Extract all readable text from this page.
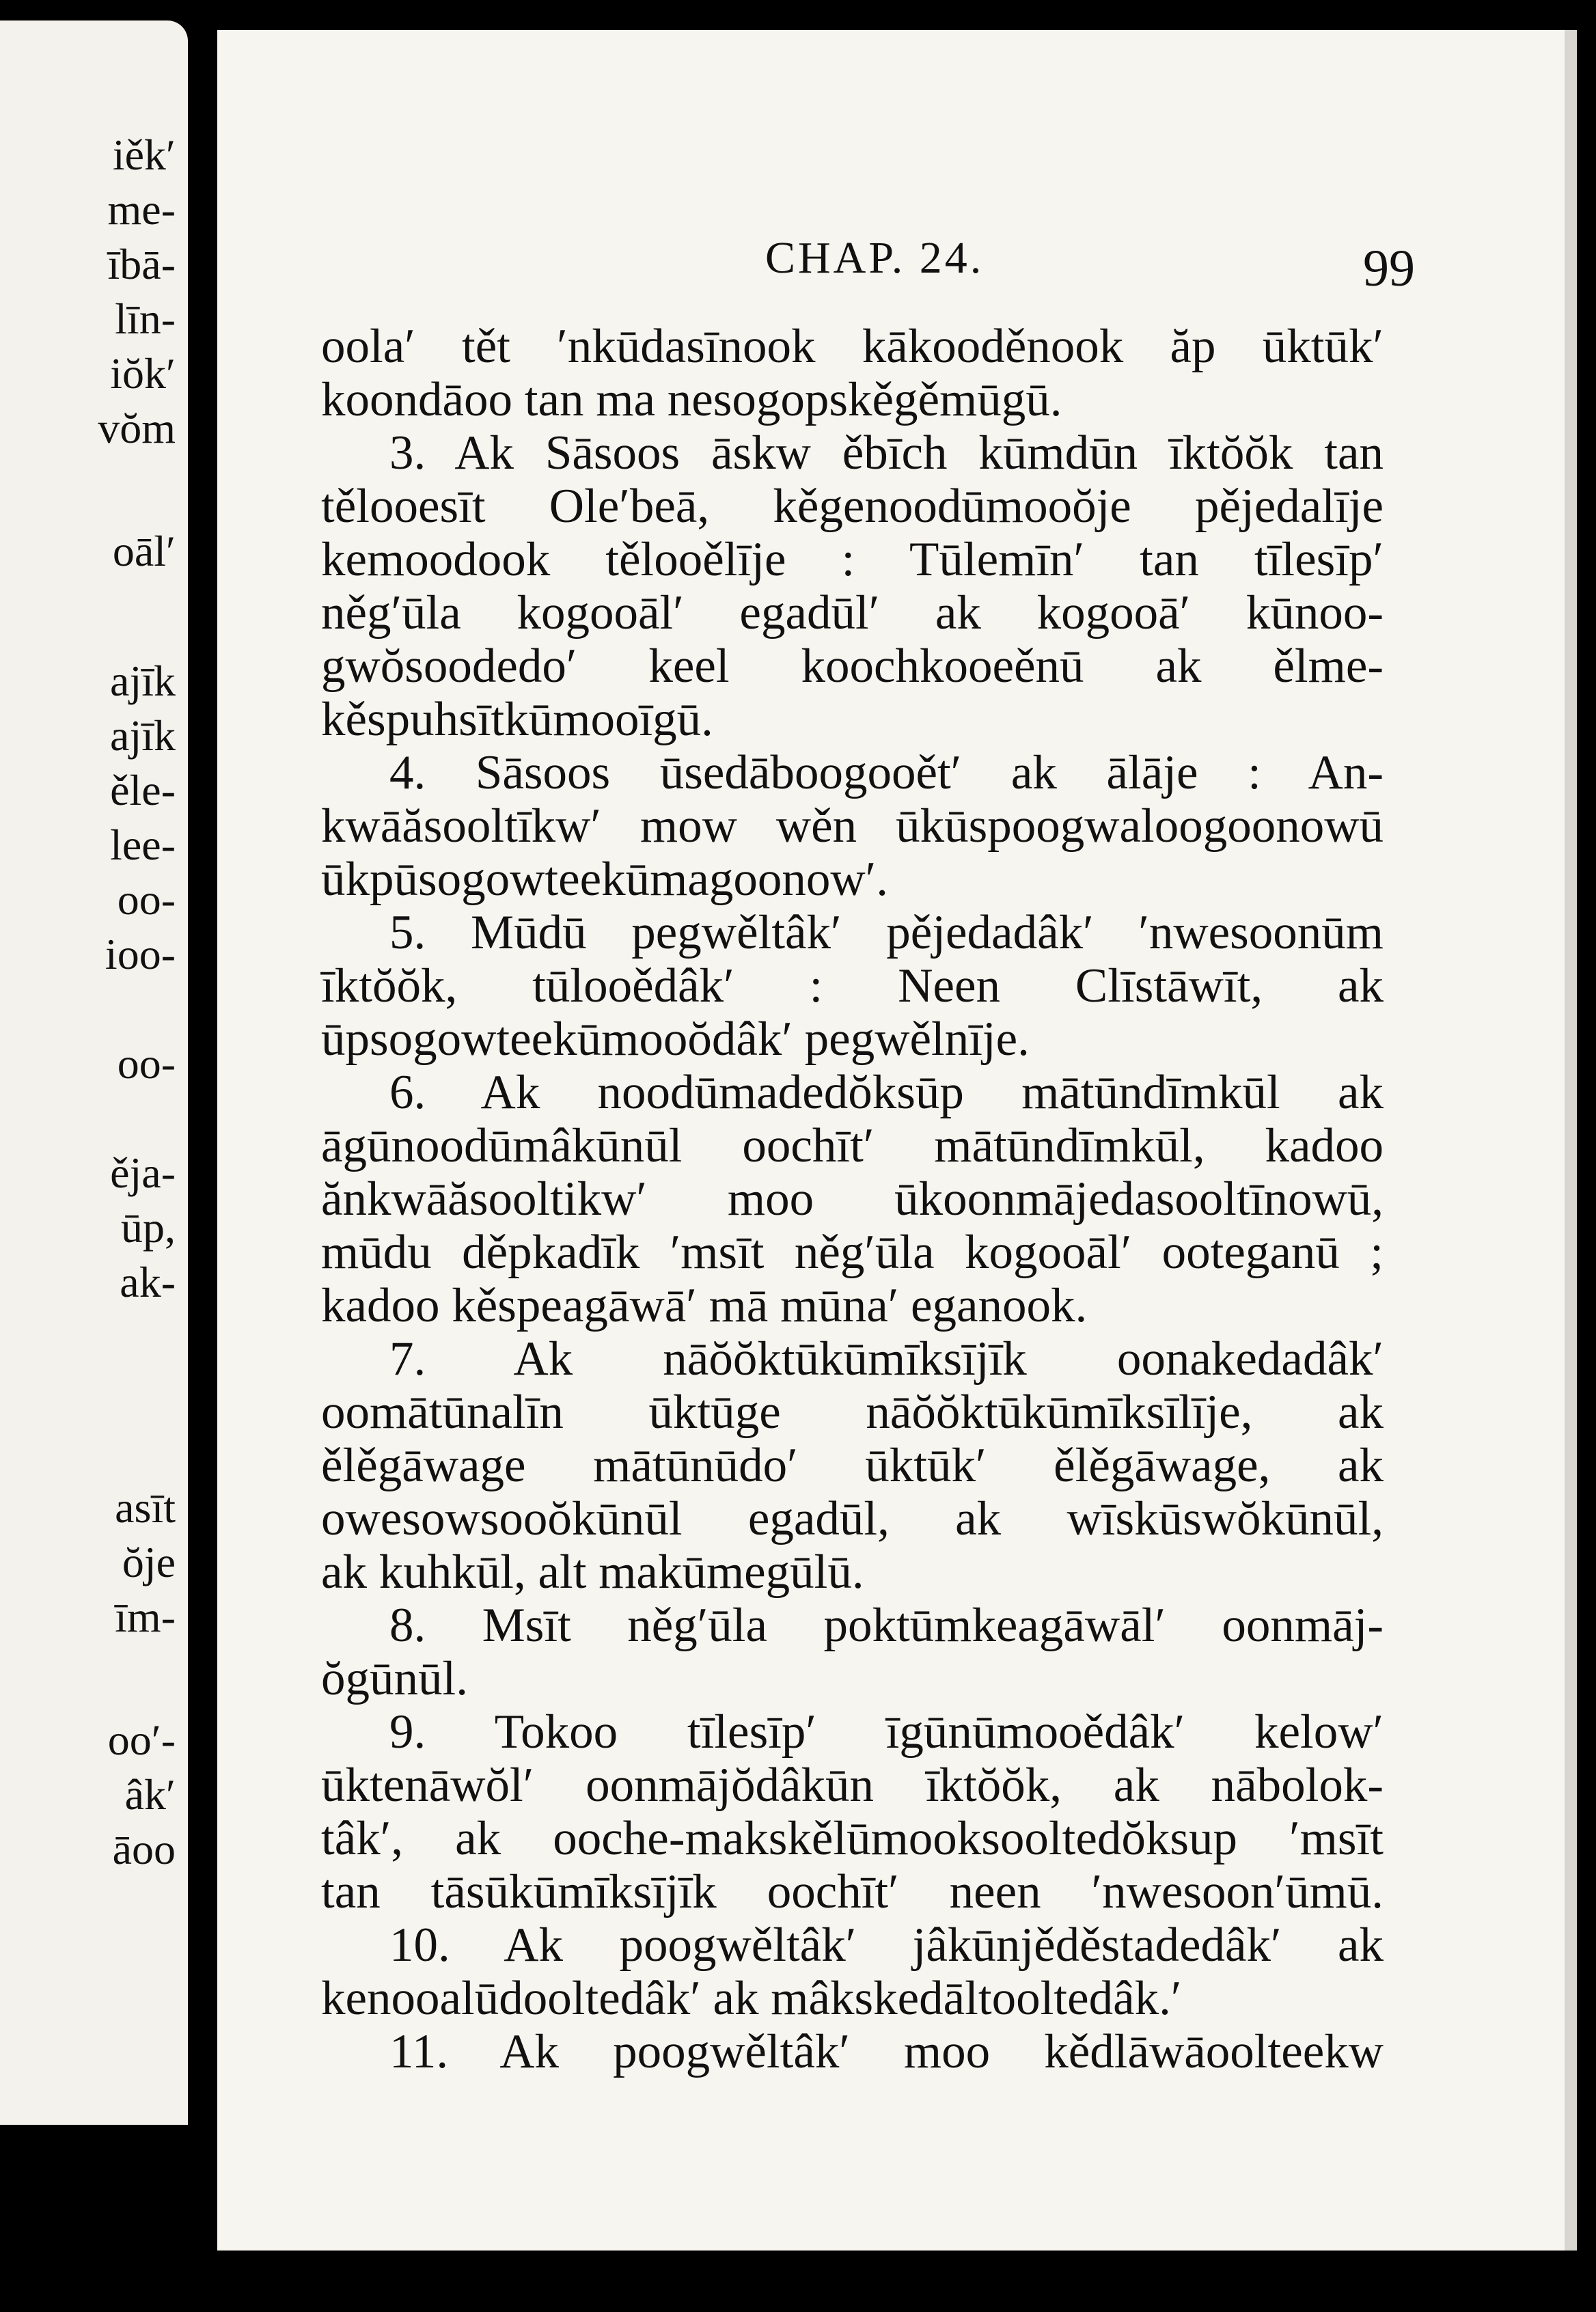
iěk′
me-
ībā-
līn-
iŏk′
vŏm
oāl′
ajīk
ajīk
ěle-
lee-
oo-
ioo-
oo-
ěja-
ūp,
ak-
asīt
ŏje
īm-
oo′-
âk′
āoo
CHAP. 24.	99
oola′ tět ′nkūdasīnook kākooděnook ăp ūktūk′
koondāoo tan ma nesogopskěgěmūgū.
3. Ak Sāsoos āskw ěbīch kūmdūn īktŏŏk tan
tělooesīt Ole′beā, kěgenoodūmooŏje pějedalīje
kemoodook tělooělīje : Tūlemīn′ tan tīlesīp′
něg′ūla kogooāl′ egadūl′ ak kogooā′ kūnoo-
gwŏsoodedo′ keel koochkooeěnū ak ělme-
kěspuhsītkūmooīgū.
4. Sāsoos ūsedāboogooět′ ak ālāje : An-
kwāăsooltīkw′ mow wěn ūkūspoogwaloogoonowū
ūkpūsogowteekūmagoonow′.
5. Mūdū pegwěltâk′ pějedadâk′ ′nwesoonūm
īktŏŏk, tūlooědâk′ : Neen Clīstāwīt, ak
ūpsogowteekūmooŏdâk′ pegwělnīje.
6. Ak noodūmadedŏksūp mātūndīmkūl ak
āgūnoodūmâkūnūl oochīt′ mātūndīmkūl, kadoo
ănkwāăsooltikw′ moo ūkoonmājedasooltīnowū,
mūdu děpkadīk ′msīt něg′ūla kogooāl′ ooteganū ;
kadoo kěspeagāwā′ mā mūna′ eganook.
7. Ak nāŏŏktūkūmīksījīk oonakedadâk′
oomātūnalīn ūktūge nāŏŏktūkūmīksīlīje, ak
ělěgāwage mātūnūdo′ ūktūk′ ělěgāwage, ak
owesowsooŏkūnūl egadūl, ak wīskūswŏkūnūl,
ak kuhkūl, alt makūmegūlū.
8. Msīt něg′ūla poktūmkeagāwāl′ oonmāj-
ŏgūnūl.
9. Tokoo tīlesīp′ īgūnūmooědâk′ kelow′
ūktenāwŏl′ oonmājŏdâkūn īktŏŏk, ak nābolok-
tâk′, ak ooche-makskělūmooksooltedŏksup ′msīt
tan tāsūkūmīksījīk oochīt′ neen ′nwesoon′ūmū.
10. Ak poogwěltâk′ jâkūnjěděstadedâk′ ak
kenooalūdooltedâk′ ak mâkskedāltooltedâk.′
11. Ak poogwěltâk′ moo kědlāwāoolteekw
